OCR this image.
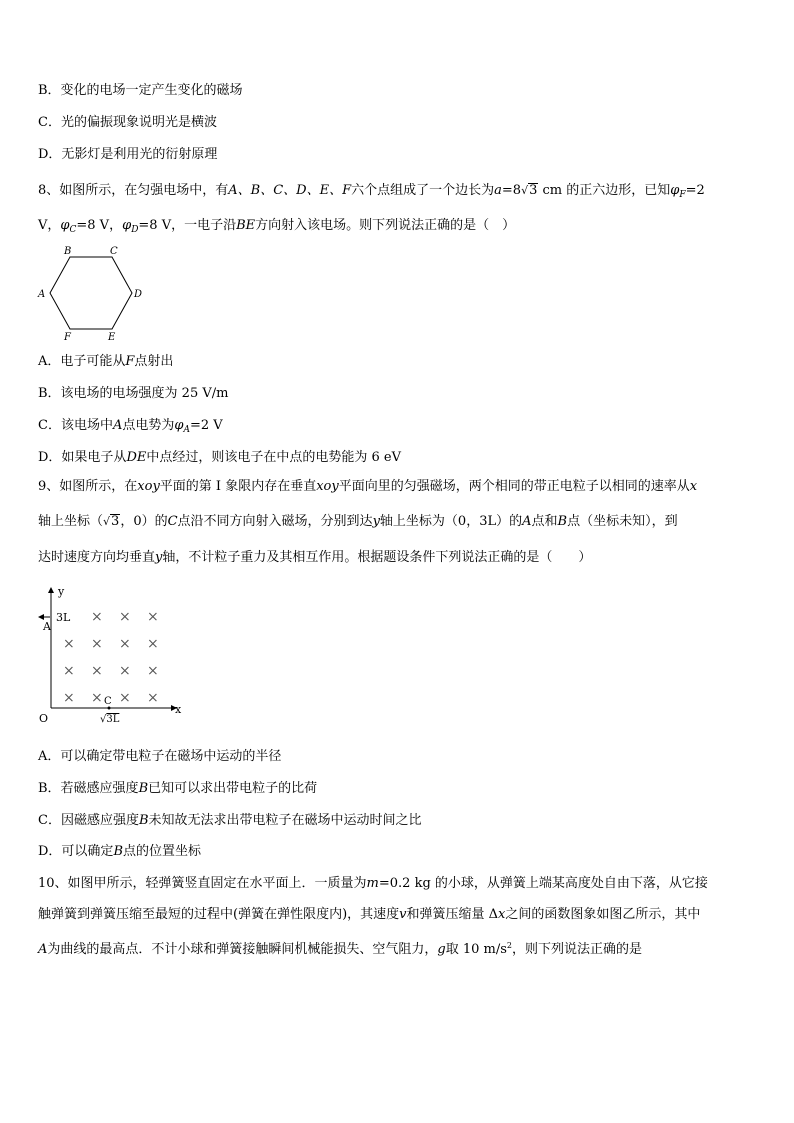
B．变化的电场一定产生变化的磁场
C．光的偏振现象说明光是横波
D．无影灯是利用光的衍射原理
8、如图所示，在匀强电场中，有A、B、C、D、E、F六个点组成了一个边长为a=8√3 cm 的正六边形，已知$\varphi_F=2$
V，$\varphi_C=8$ V，$\varphi_D=8$ V，一电子沿BE方向射入该电场。则下列说法正确的是（　）
B	C
A	D
F	E
A．电子可能从F点射出
B．该电场的电场强度为 25 V/m
C．该电场中A点电势为$\varphi_A=2$ V
D．如果电子从DE中点经过，则该电子在中点的电势能为 6 eV
9、如图所示，在xoy平面的第 I 象限内存在垂直xoy平面向里的匀强磁场，两个相同的带正电粒子以相同的速率从x
轴上坐标（√3，0）的C点沿不同方向射入磁场，分别到达y轴上坐标为（0，3L）的A点和B点（坐标未知），到
达时速度方向均垂直y轴，不计粒子重力及其相互作用。根据题设条件下列说法正确的是（　　）
y
x
O
A
3L
C
√3L
× × ×
× × × ×
× × × ×
× × × ×
A．可以确定带电粒子在磁场中运动的半径
B．若磁感应强度B已知可以求出带电粒子的比荷
C．因磁感应强度B未知故无法求出带电粒子在磁场中运动时间之比
D．可以确定B点的位置坐标
10、如图甲所示，轻弹簧竖直固定在水平面上．一质量为m=0.2 kg 的小球，从弹簧上端某高度处自由下落，从它接
触弹簧到弹簧压缩至最短的过程中(弹簧在弹性限度内)，其速度v和弹簧压缩量 Δx之间的函数图象如图乙所示，其中
A为曲线的最高点．不计小球和弹簧接触瞬间机械能损失、空气阻力，g取 10 $m/s^2$，则下列说法正确的是
